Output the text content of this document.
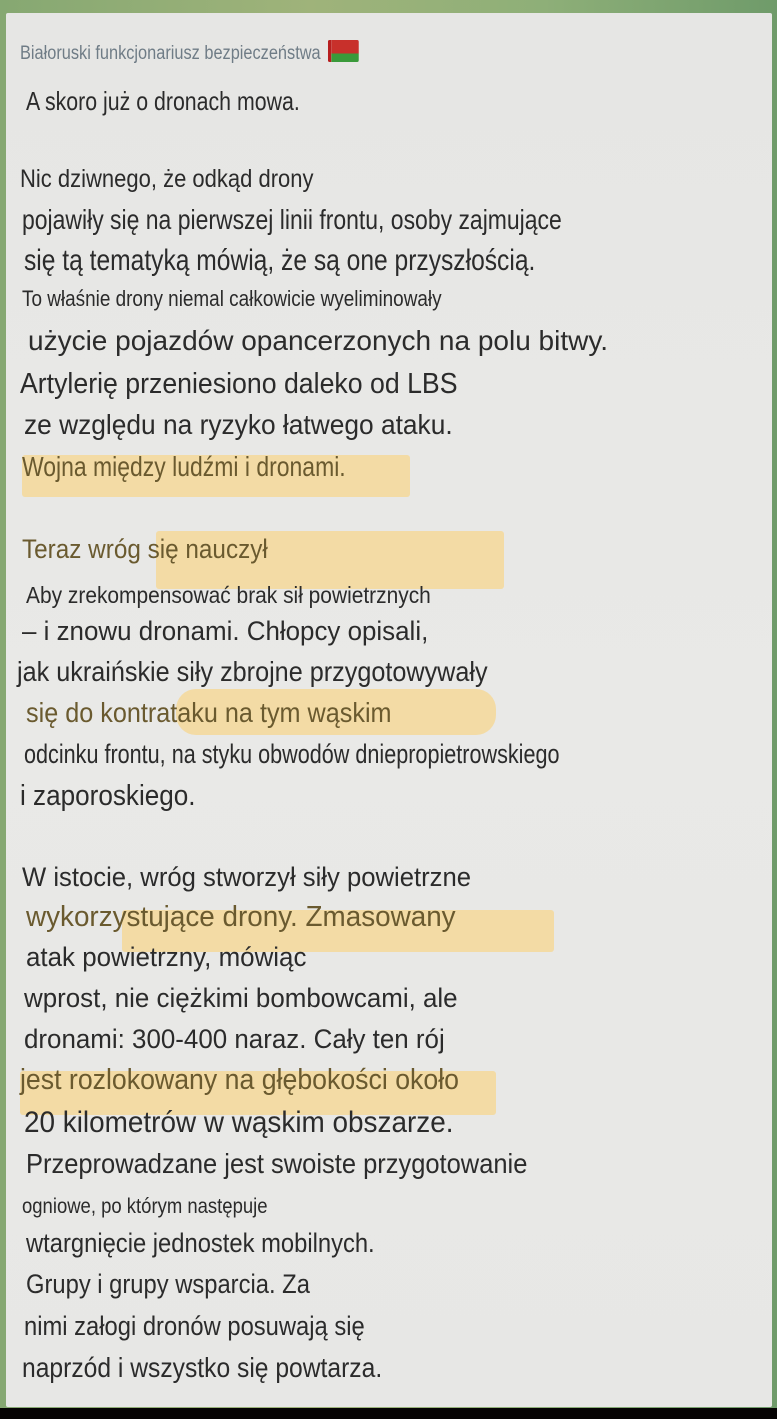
Białoruski funkcjonariusz bezpieczeństwa
A skoro już o dronach mowa.
Nic dziwnego, że odkąd drony
pojawiły się na pierwszej linii frontu, osoby zajmujące
się tą tematyką mówią, że są one przyszłością.
To właśnie drony niemal całkowicie wyeliminowały
użycie pojazdów opancerzonych na polu bitwy.
Artylerię przeniesiono daleko od LBS
ze względu na ryzyko łatwego ataku.
Wojna między ludźmi i dronami.
Teraz wróg się nauczył
Aby zrekompensować brak sił powietrznych
– i znowu dronami. Chłopcy opisali,
jak ukraińskie siły zbrojne przygotowywały
się do kontrataku na tym wąskim
odcinku frontu, na styku obwodów dniepropietrowskiego
i zaporoskiego.
W istocie, wróg stworzył siły powietrzne
wykorzystujące drony. Zmasowany
atak powietrzny, mówiąc
wprost, nie ciężkimi bombowcami, ale
dronami: 300-400 naraz. Cały ten rój
jest rozlokowany na głębokości około
20 kilometrów w wąskim obszarze.
Przeprowadzane jest swoiste przygotowanie
ogniowe, po którym następuje
wtargnięcie jednostek mobilnych.
Grupy i grupy wsparcia. Za
nimi załogi dronów posuwają się
naprzód i wszystko się powtarza.
